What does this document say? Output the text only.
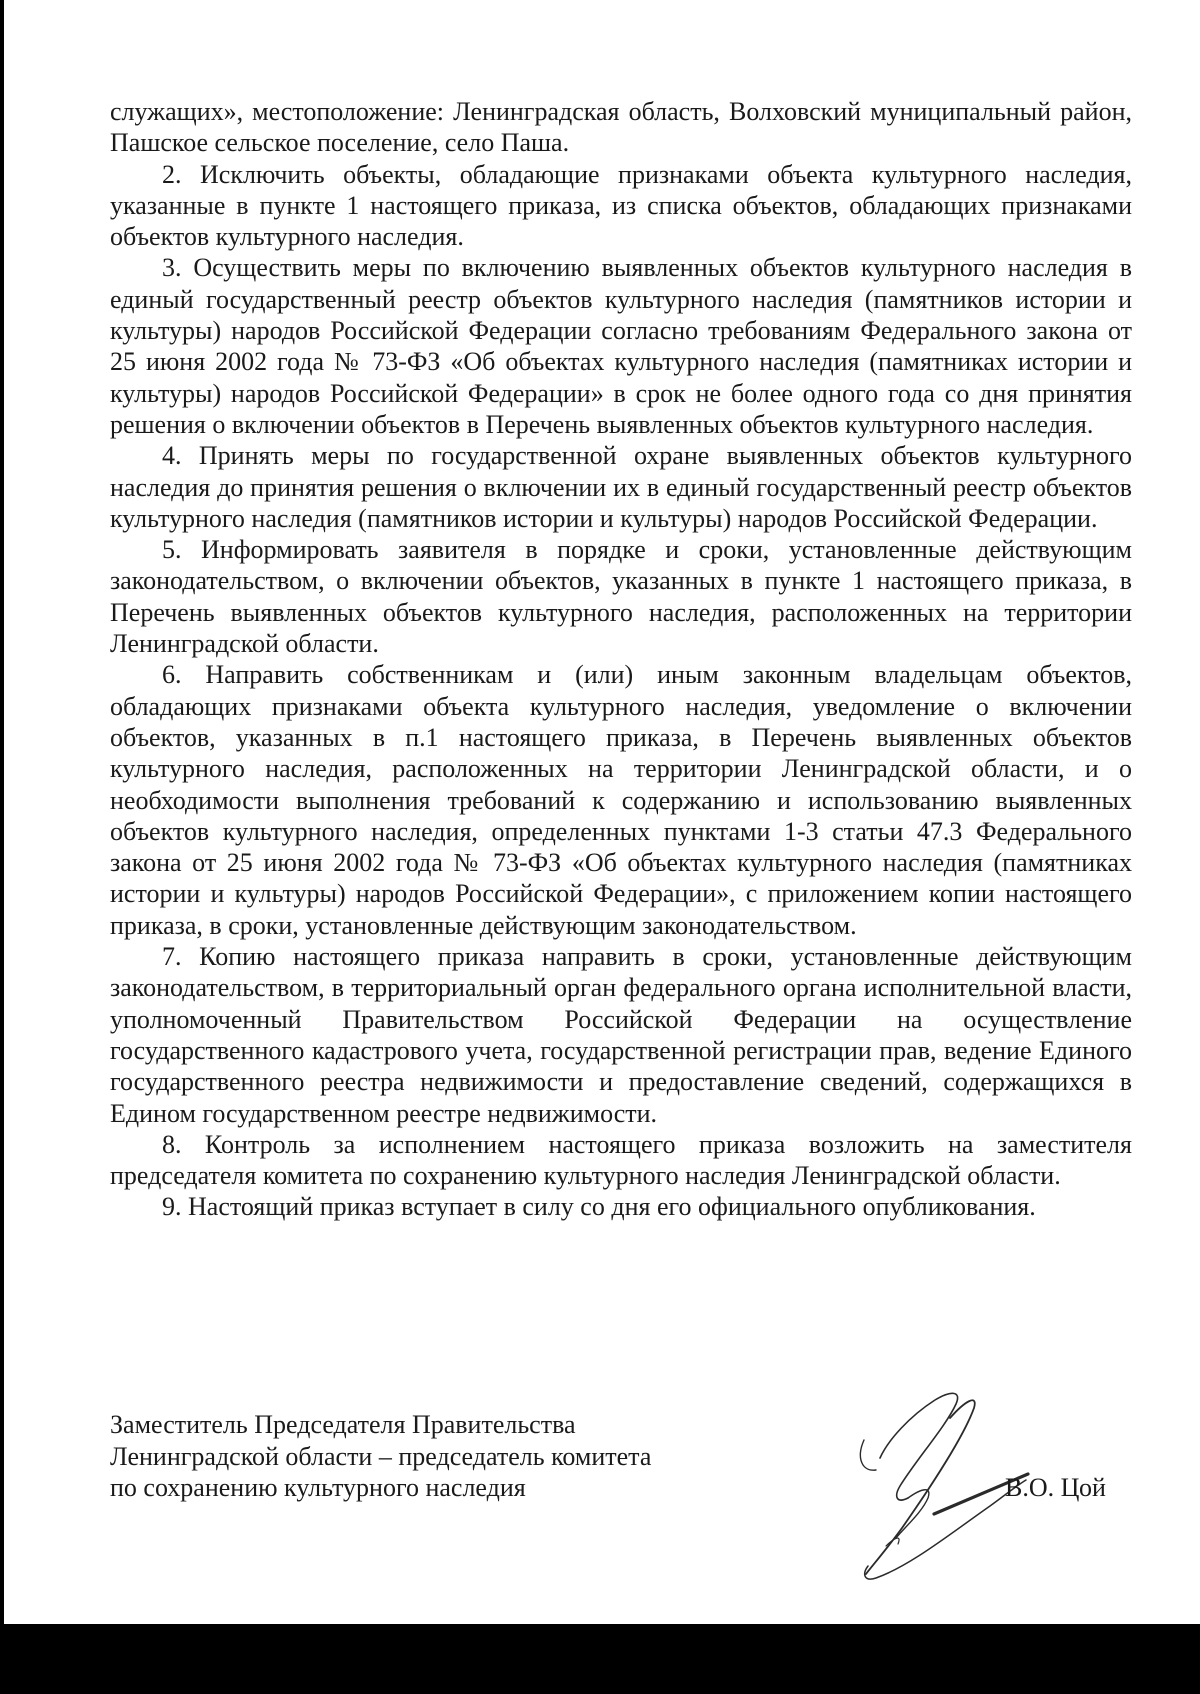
служащих», местоположение: Ленинградская область, Волховский муниципальный район, Пашское сельское поселение, село Паша.

2. Исключить объекты, обладающие признаками объекта культурного наследия, указанные в пункте 1 настоящего приказа, из списка объектов, обладающих признаками объектов культурного наследия.

3. Осуществить меры по включению выявленных объектов культурного наследия в единый государственный реестр объектов культурного наследия (памятников истории и культуры) народов Российской Федерации согласно требованиям Федерального закона от 25 июня 2002 года № 73-ФЗ «Об объектах культурного наследия (памятниках истории и культуры) народов Российской Федерации» в срок не более одного года со дня принятия решения о включении объектов в Перечень выявленных объектов культурного наследия.

4. Принять меры по государственной охране выявленных объектов культурного наследия до принятия решения о включении их в единый государственный реестр объектов культурного наследия (памятников истории и культуры) народов Российской Федерации.

5. Информировать заявителя в порядке и сроки, установленные действующим законодательством, о включении объектов, указанных в пункте 1 настоящего приказа, в Перечень выявленных объектов культурного наследия, расположенных на территории Ленинградской области.

6. Направить собственникам и (или) иным законным владельцам объектов, обладающих признаками объекта культурного наследия, уведомление о включении объектов, указанных в п.1 настоящего приказа, в Перечень выявленных объектов культурного наследия, расположенных на территории Ленинградской области, и о необходимости выполнения требований к содержанию и использованию выявленных объектов культурного наследия, определенных пунктами 1-3 статьи 47.3 Федерального закона от 25 июня 2002 года № 73-ФЗ «Об объектах культурного наследия (памятниках истории и культуры) народов Российской Федерации», с приложением копии настоящего приказа, в сроки, установленные действующим законодательством.

7. Копию настоящего приказа направить в сроки, установленные действующим законодательством, в территориальный орган федерального органа исполнительной власти, уполномоченный Правительством Российской Федерации на осуществление государственного кадастрового учета, государственной регистрации прав, ведение Единого государственного реестра недвижимости и предоставление сведений, содержащихся в Едином государственном реестре недвижимости.

8. Контроль за исполнением настоящего приказа возложить на заместителя председателя комитета по сохранению культурного наследия Ленинградской области.

9. Настоящий приказ вступает в силу со дня его официального опубликования.

Заместитель Председателя Правительства
Ленинградской области – председатель комитета
по сохранению культурного наследия	В.О. Цой
